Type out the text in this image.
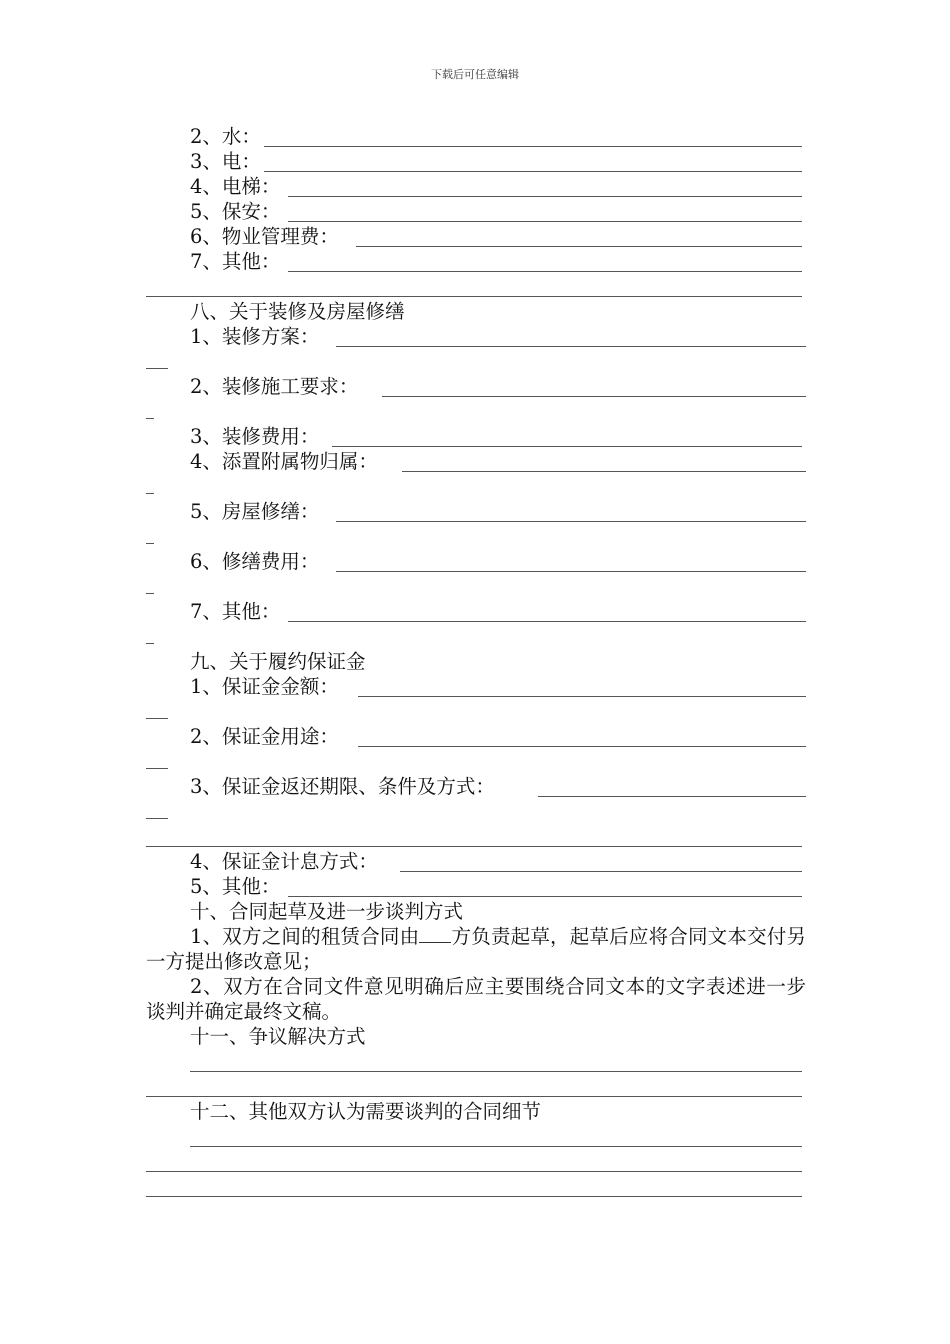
下载后可任意编辑
2、水：
3、电：
4、电梯：
5、保安：
6、物业管理费：
7、其他：
八、关于装修及房屋修缮
1、装修方案：
2、装修施工要求：
3、装修费用：
4、添置附属物归属：
5、房屋修缮：
6、修缮费用：
7、其他：
九、关于履约保证金
1、保证金金额：
2、保证金用途：
3、保证金返还期限、条件及方式：
4、保证金计息方式：
5、其他：
十、合同起草及进一步谈判方式
1、双方之间的租赁合同由 方负责起草，起草后应将合同文本交付另一方提出修改意见；
2、双方在合同文件意见明确后应主要围绕合同文本的文字表述进一步谈判并确定最终文稿。
十一、争议解决方式
十二、其他双方认为需要谈判的合同细节
